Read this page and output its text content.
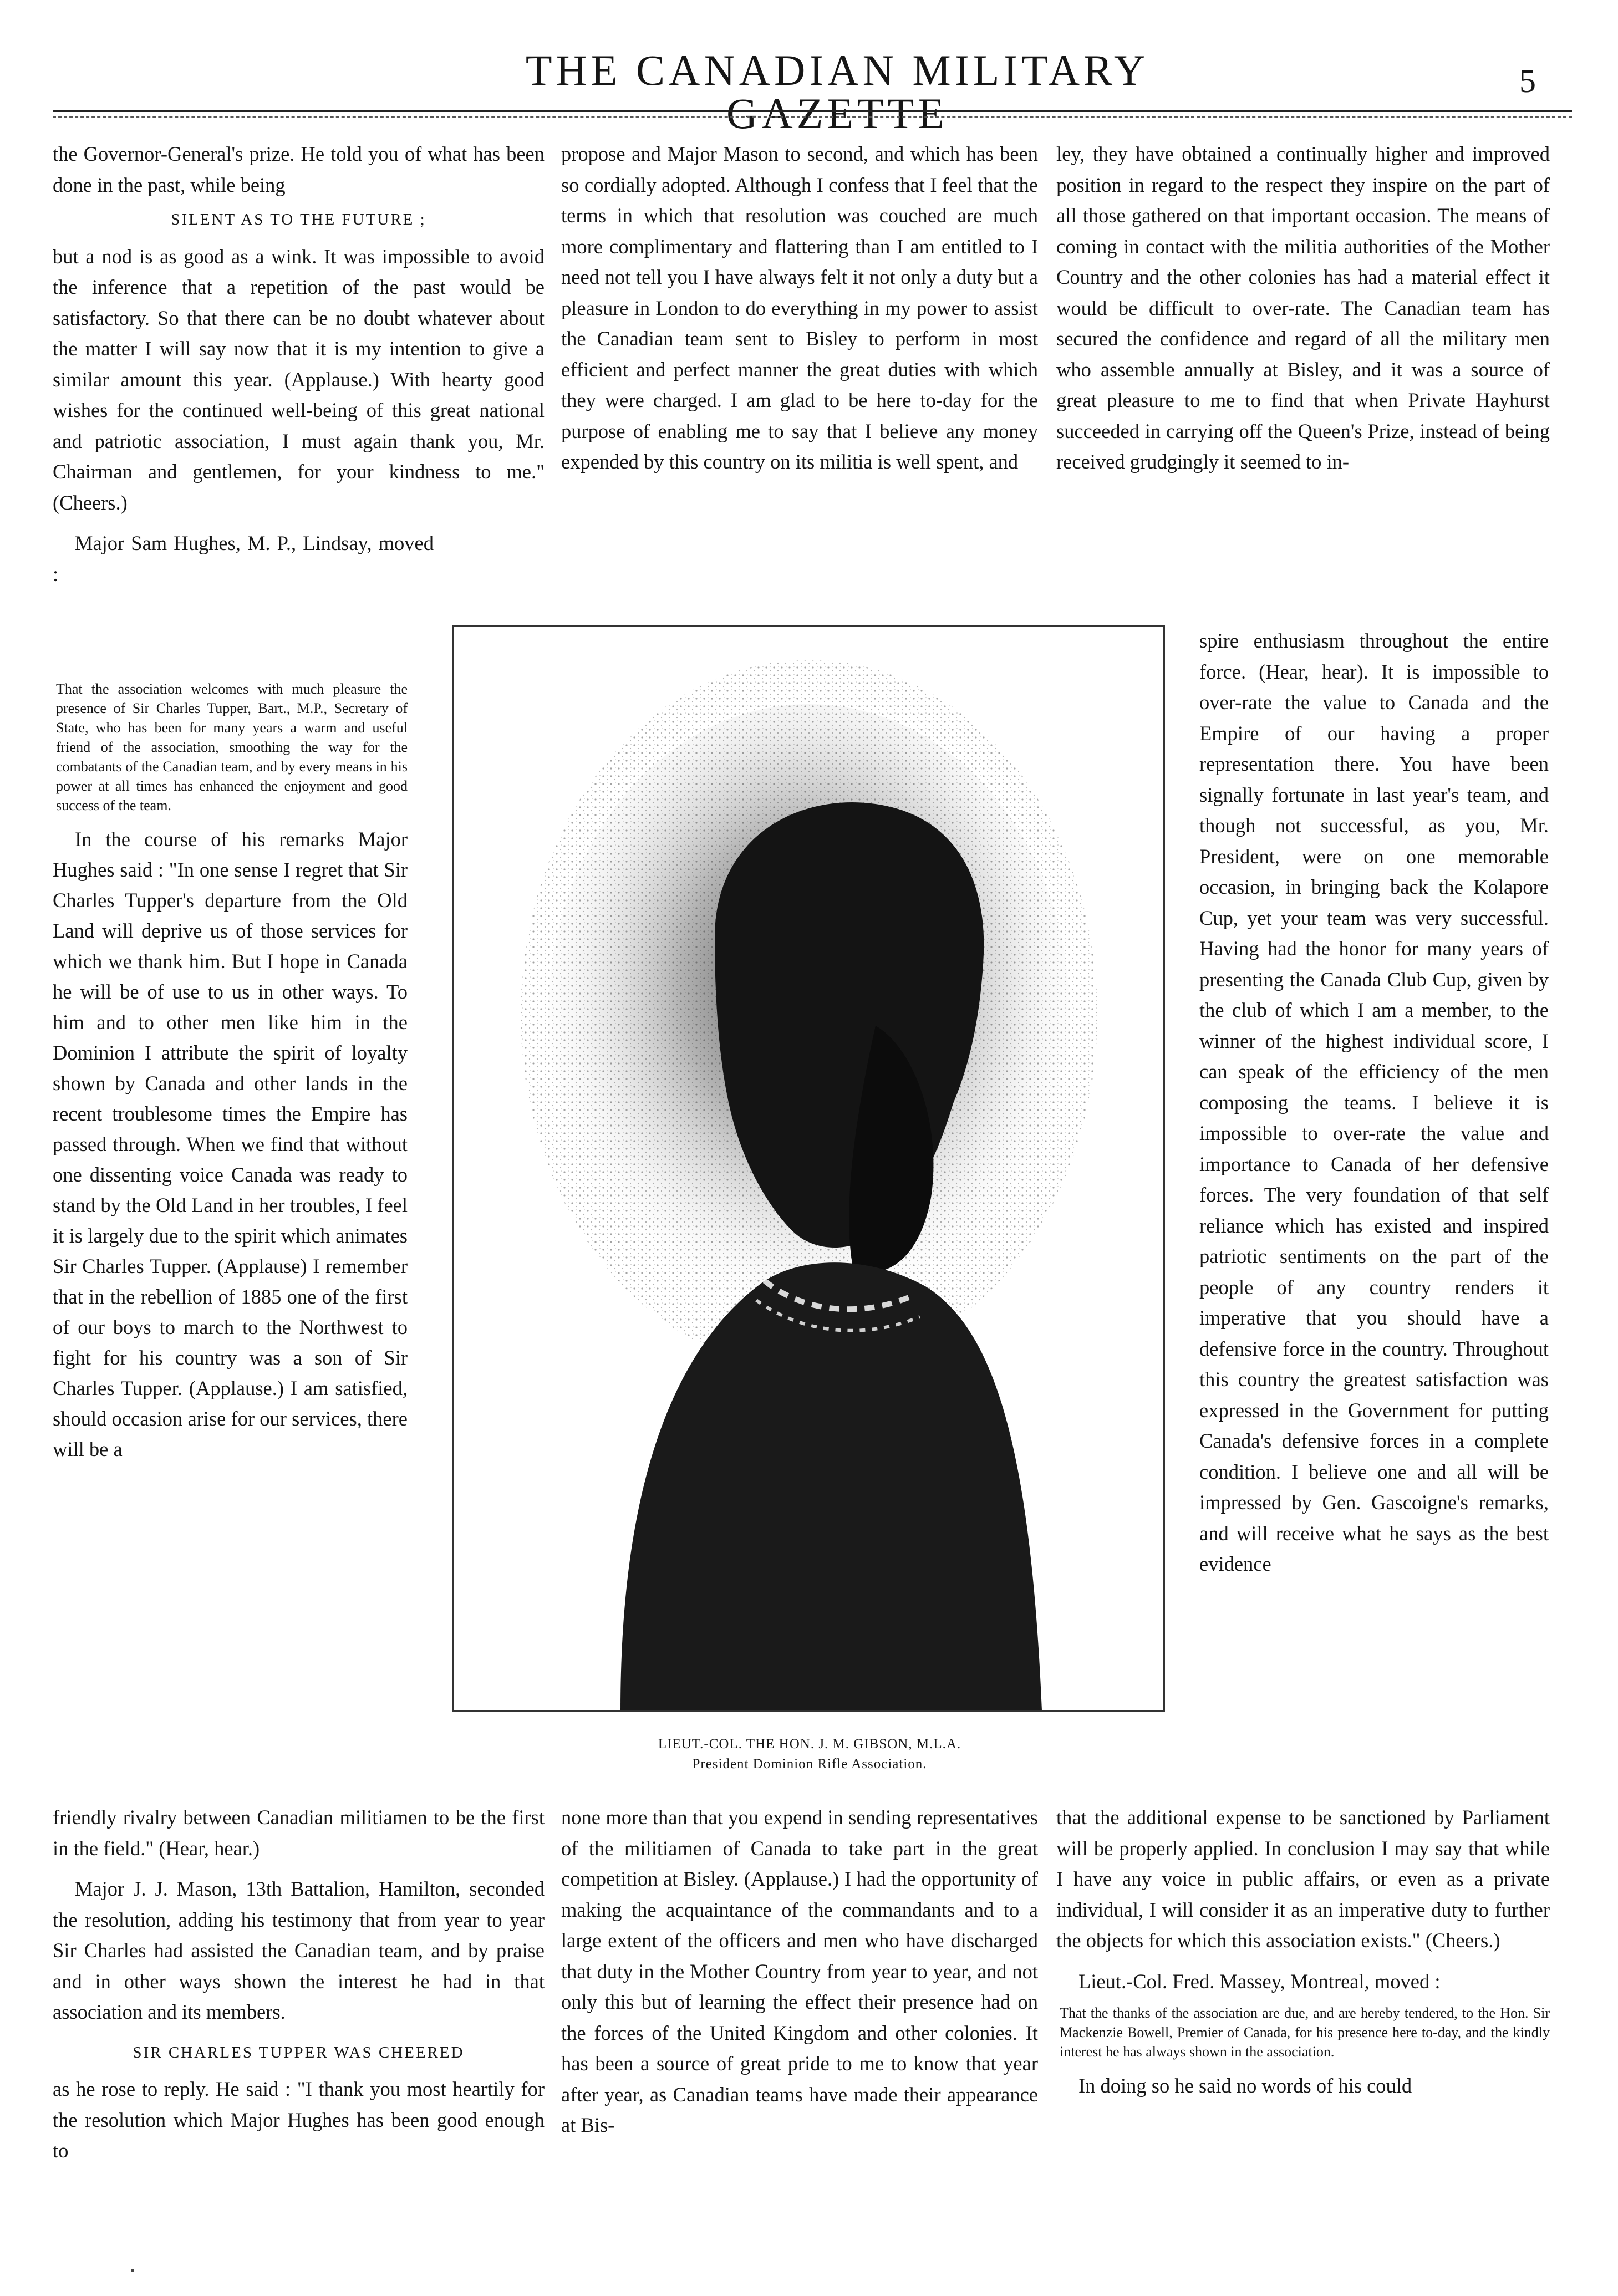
THE CANADIAN MILITARY GAZETTE
5

the Governor-General's prize. He told you of what has been done in the past, while being

SILENT AS TO THE FUTURE ;

but a nod is as good as a wink. It was impossible to avoid the inference that a repetition of the past would be satisfactory. So that there can be no doubt whatever about the matter I will say now that it is my intention to give a similar amount this year. (Applause.) With hearty good wishes for the continued well-being of this great national and patriotic association, I must again thank you, Mr. Chairman and gentlemen, for your kindness to me." (Cheers.)

Major Sam Hughes, M. P., Lindsay, moved :

That the association welcomes with much pleasure the presence of Sir Charles Tupper, Bart., M.P., Secretary of State, who has been for many years a warm and useful friend of the association, smoothing the way for the combatants of the Canadian team, and by every means in his power at all times has enhanced the enjoyment and good success of the team.

In the course of his remarks Major Hughes said : "In one sense I regret that Sir Charles Tupper's departure from the Old Land will deprive us of those services for which we thank him. But I hope in Canada he will be of use to us in other ways. To him and to other men like him in the Dominion I attribute the spirit of loyalty shown by Canada and other lands in the recent troublesome times the Empire has passed through. When we find that without one dissenting voice Canada was ready to stand by the Old Land in her troubles, I feel it is largely due to the spirit which animates Sir Charles Tupper. (Applause) I remember that in the rebellion of 1885 one of the first of our boys to march to the Northwest to fight for his country was a son of Sir Charles Tupper. (Applause.) I am satisfied, should occasion arise for our services, there will be a

friendly rivalry between Canadian militiamen to be the first in the field." (Hear, hear.)

Major J. J. Mason, 13th Battalion, Hamilton, seconded the resolution, adding his testimony that from year to year Sir Charles had assisted the Canadian team, and by praise and in other ways shown the interest he had in that association and its members.

SIR CHARLES TUPPER WAS CHEERED

as he rose to reply. He said : "I thank you most heartily for the resolution which Major Hughes has been good enough to

propose and Major Mason to second, and which has been so cordially adopted. Although I confess that I feel that the terms in which that resolution was couched are much more complimentary and flattering than I am entitled to I need not tell you I have always felt it not only a duty but a pleasure in London to do everything in my power to assist the Canadian team sent to Bisley to perform in most efficient and perfect manner the great duties with which they were charged. I am glad to be here to-day for the purpose of enabling me to say that I believe any money expended by this country on its militia is well spent, and

LIEUT.-COL. THE HON. J. M. GIBSON, M.L.A.
President Dominion Rifle Association.

none more than that you expend in sending representatives of the militiamen of Canada to take part in the great competition at Bisley. (Applause.) I had the opportunity of making the acquaintance of the commandants and to a large extent of the officers and men who have discharged that duty in the Mother Country from year to year, and not only this but of learning the effect their presence had on the forces of the United Kingdom and other colonies. It has been a source of great pride to me to know that year after year, as Canadian teams have made their appearance at Bis-

ley, they have obtained a continually higher and improved position in regard to the respect they inspire on the part of all those gathered on that important occasion. The means of coming in contact with the militia authorities of the Mother Country and the other colonies has had a material effect it would be difficult to over-rate. The Canadian team has secured the confidence and regard of all the military men who assemble annually at Bisley, and it was a source of great pleasure to me to find that when Private Hayhurst succeeded in carrying off the Queen's Prize, instead of being received grudgingly it seemed to in-

spire enthusiasm throughout the entire force. (Hear, hear). It is impossible to over-rate the value to Canada and the Empire of our having a proper representation there. You have been signally fortunate in last year's team, and though not successful, as you, Mr. President, were on one memorable occasion, in bringing back the Kolapore Cup, yet your team was very successful. Having had the honor for many years of presenting the Canada Club Cup, given by the club of which I am a member, to the winner of the highest individual score, I can speak of the efficiency of the men composing the teams. I believe it is impossible to over-rate the value and importance to Canada of her defensive forces. The very foundation of that self reliance which has existed and inspired patriotic sentiments on the part of the people of any country renders it imperative that you should have a defensive force in the country. Throughout this country the greatest satisfaction was expressed in the Government for putting Canada's defensive forces in a complete condition. I believe one and all will be impressed by Gen. Gascoigne's remarks, and will receive what he says as the best evidence

that the additional expense to be sanctioned by Parliament will be properly applied. In conclusion I may say that while I have any voice in public affairs, or even as a private individual, I will consider it as an imperative duty to further the objects for which this association exists." (Cheers.)

Lieut.-Col. Fred. Massey, Montreal, moved :

That the thanks of the association are due, and are hereby tendered, to the Hon. Sir Mackenzie Bowell, Premier of Canada, for his presence here to-day, and the kindly interest he has always shown in the association.

In doing so he said no words of his could
